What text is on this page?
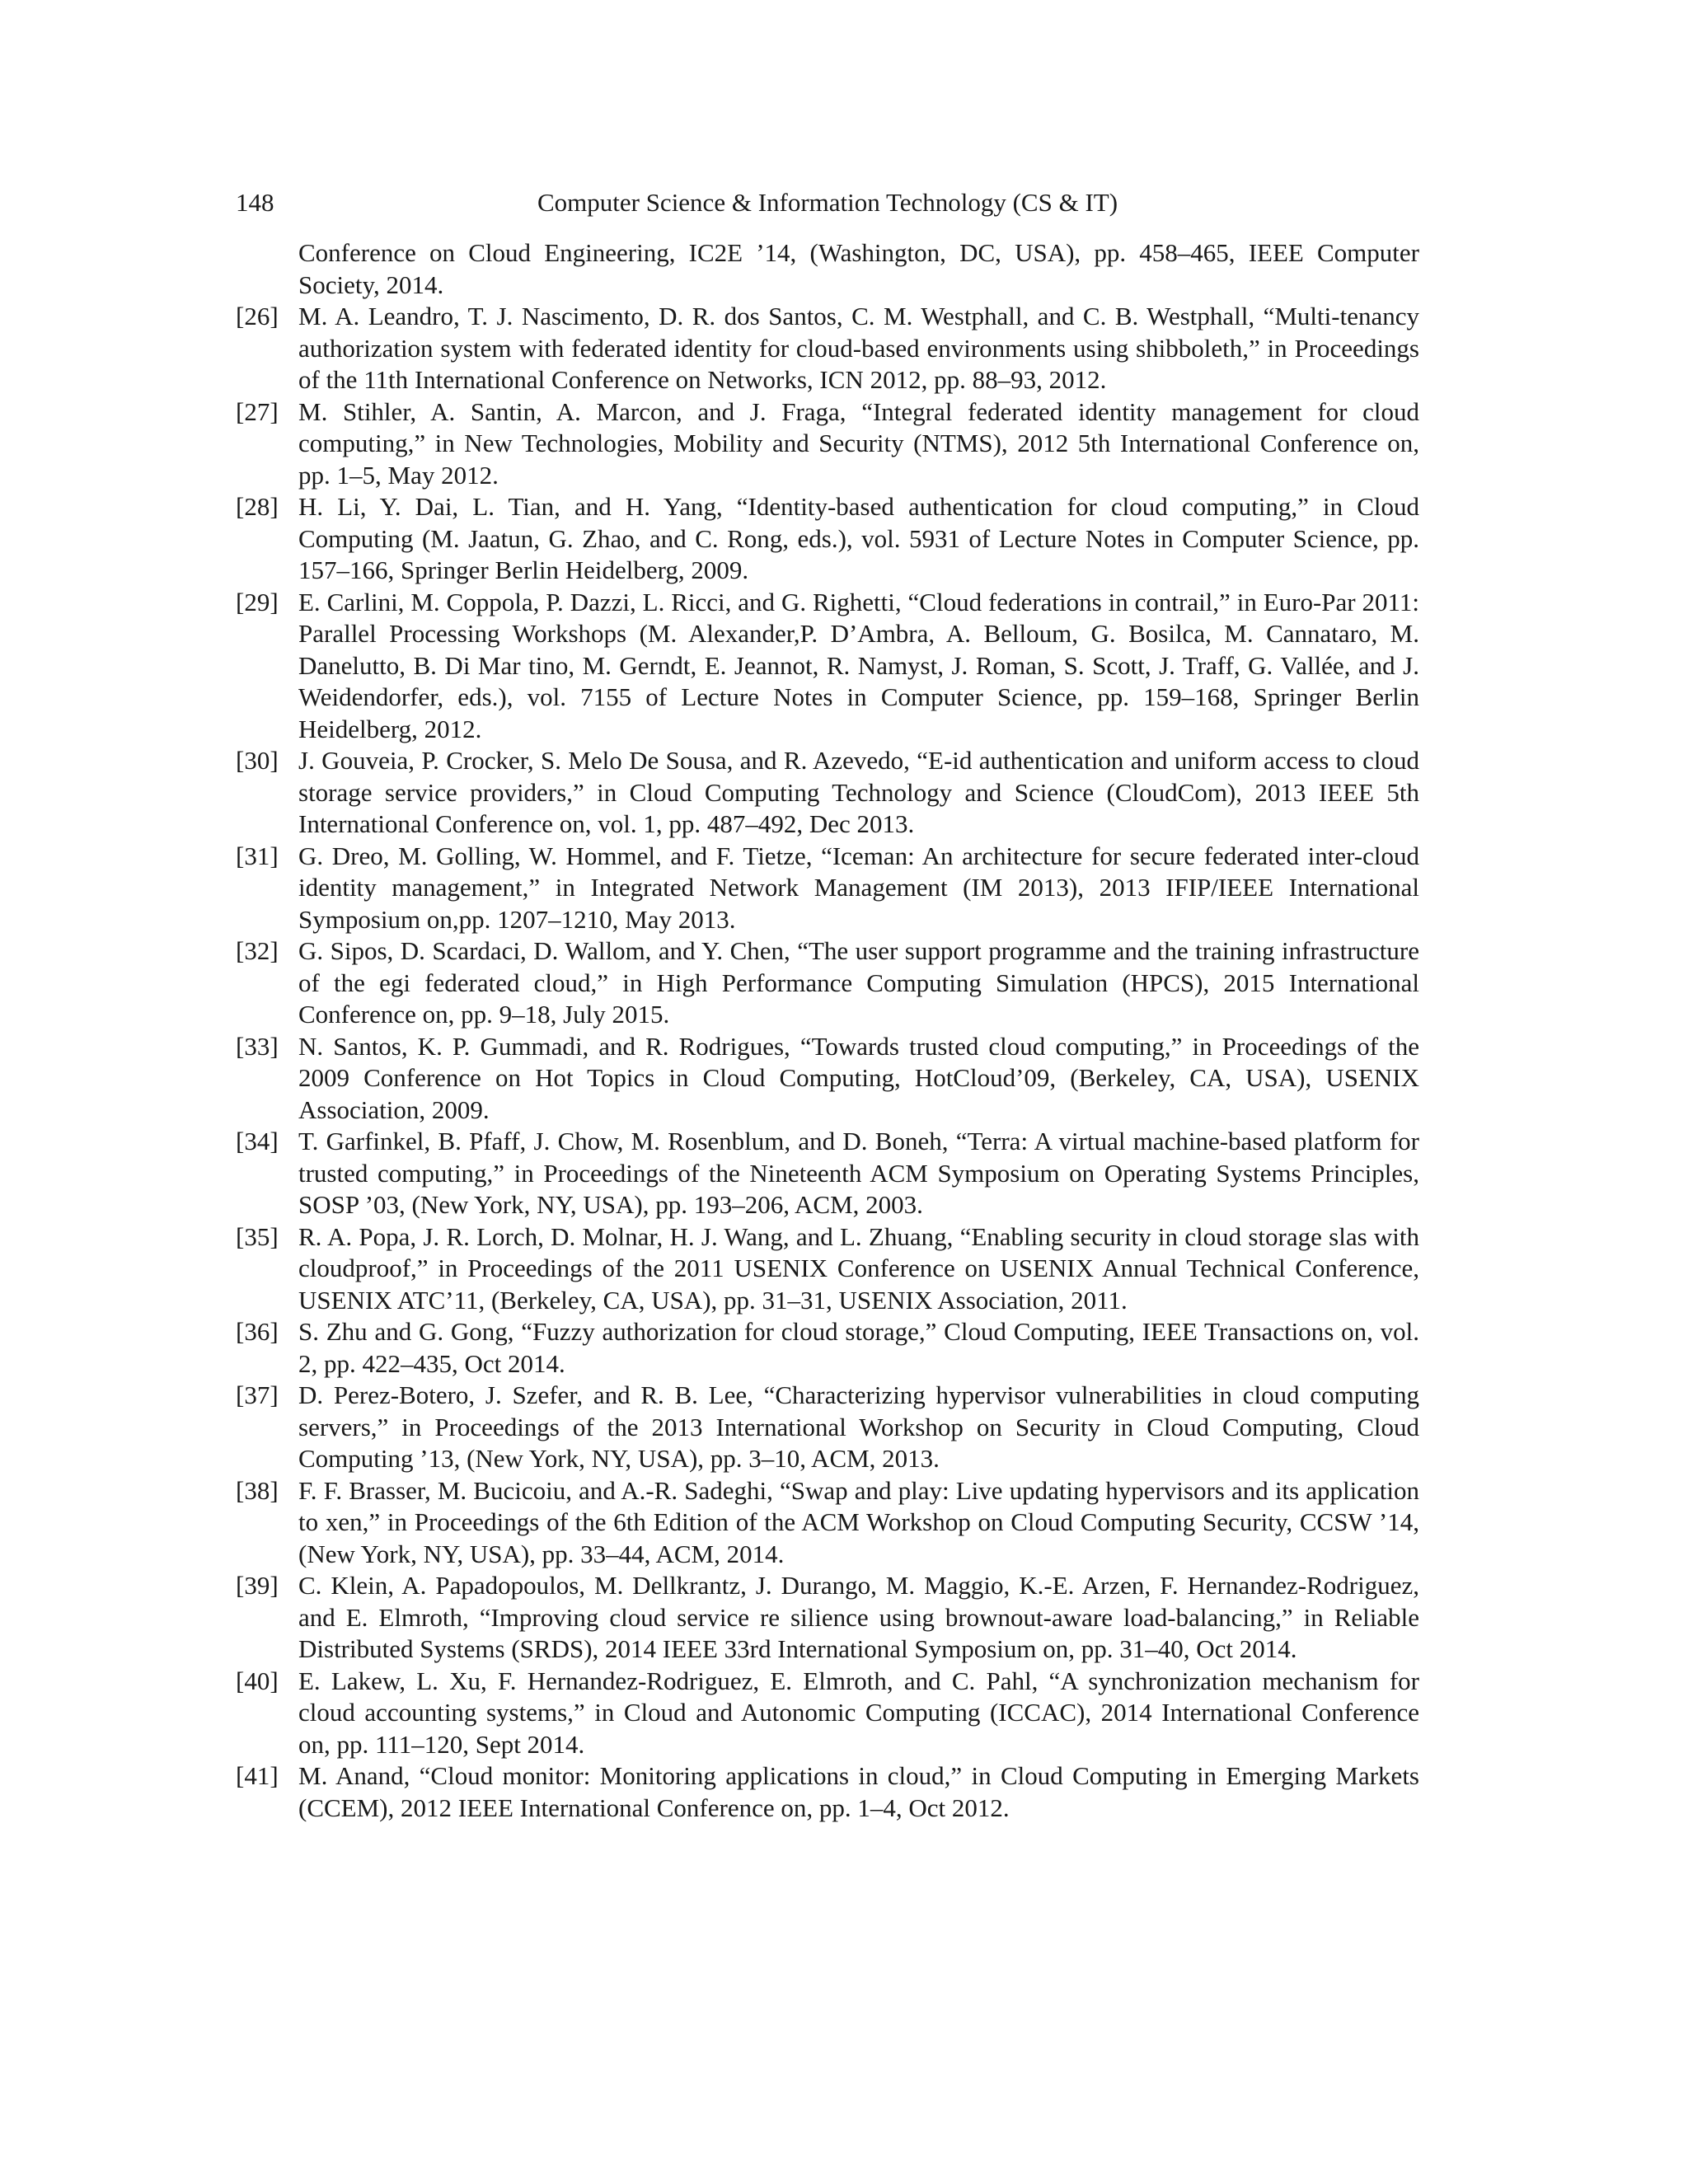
148	Computer Science & Information Technology (CS & IT)
Conference on Cloud Engineering, IC2E ’14, (Washington, DC, USA), pp. 458–465, IEEE Computer Society, 2014.
[26] M. A. Leandro, T. J. Nascimento, D. R. dos Santos, C. M. Westphall, and C. B. Westphall, “Multi-tenancy authorization system with federated identity for cloud-based environments using shibboleth,” in Proceedings of the 11th International Conference on Networks, ICN 2012, pp. 88–93, 2012.
[27] M. Stihler, A. Santin, A. Marcon, and J. Fraga, “Integral federated identity management for cloud computing,” in New Technologies, Mobility and Security (NTMS), 2012 5th International Conference on, pp. 1–5, May 2012.
[28] H. Li, Y. Dai, L. Tian, and H. Yang, “Identity-based authentication for cloud computing,” in Cloud Computing (M. Jaatun, G. Zhao, and C. Rong, eds.), vol. 5931 of Lecture Notes in Computer Science, pp. 157–166, Springer Berlin Heidelberg, 2009.
[29] E. Carlini, M. Coppola, P. Dazzi, L. Ricci, and G. Righetti, “Cloud federations in contrail,” in Euro-Par 2011: Parallel Processing Workshops (M. Alexander,P. D’Ambra, A. Belloum, G. Bosilca, M. Cannataro, M. Danelutto, B. Di Mar tino, M. Gerndt, E. Jeannot, R. Namyst, J. Roman, S. Scott, J. Traff, G. Vallée, and J. Weidendorfer, eds.), vol. 7155 of Lecture Notes in Computer Science, pp. 159–168, Springer Berlin Heidelberg, 2012.
[30] J. Gouveia, P. Crocker, S. Melo De Sousa, and R. Azevedo, “E-id authentication and uniform access to cloud storage service providers,” in Cloud Computing Technology and Science (CloudCom), 2013 IEEE 5th International Conference on, vol. 1, pp. 487–492, Dec 2013.
[31] G. Dreo, M. Golling, W. Hommel, and F. Tietze, “Iceman: An architecture for secure federated inter-cloud identity management,” in Integrated Network Management (IM 2013), 2013 IFIP/IEEE International Symposium on,pp. 1207–1210, May 2013.
[32] G. Sipos, D. Scardaci, D. Wallom, and Y. Chen, “The user support programme and the training infrastructure of the egi federated cloud,” in High Performance Computing Simulation (HPCS), 2015 International Conference on, pp. 9–18, July 2015.
[33] N. Santos, K. P. Gummadi, and R. Rodrigues, “Towards trusted cloud computing,” in Proceedings of the 2009 Conference on Hot Topics in Cloud Computing, HotCloud’09, (Berkeley, CA, USA), USENIX Association, 2009.
[34] T. Garfinkel, B. Pfaff, J. Chow, M. Rosenblum, and D. Boneh, “Terra: A virtual machine-based platform for trusted computing,” in Proceedings of the Nineteenth ACM Symposium on Operating Systems Principles, SOSP ’03, (New York, NY, USA), pp. 193–206, ACM, 2003.
[35] R. A. Popa, J. R. Lorch, D. Molnar, H. J. Wang, and L. Zhuang, “Enabling security in cloud storage slas with cloudproof,” in Proceedings of the 2011 USENIX Conference on USENIX Annual Technical Conference, USENIX ATC’11, (Berkeley, CA, USA), pp. 31–31, USENIX Association, 2011.
[36] S. Zhu and G. Gong, “Fuzzy authorization for cloud storage,” Cloud Computing, IEEE Transactions on, vol. 2, pp. 422–435, Oct 2014.
[37] D. Perez-Botero, J. Szefer, and R. B. Lee, “Characterizing hypervisor vulnerabilities in cloud computing servers,” in Proceedings of the 2013 International Workshop on Security in Cloud Computing, Cloud Computing ’13, (New York, NY, USA), pp. 3–10, ACM, 2013.
[38] F. F. Brasser, M. Bucicoiu, and A.-R. Sadeghi, “Swap and play: Live updating hypervisors and its application to xen,” in Proceedings of the 6th Edition of the ACM Workshop on Cloud Computing Security, CCSW ’14, (New York, NY, USA), pp. 33–44, ACM, 2014.
[39] C. Klein, A. Papadopoulos, M. Dellkrantz, J. Durango, M. Maggio, K.-E. Arzen, F. Hernandez-Rodriguez, and E. Elmroth, “Improving cloud service re silience using brownout-aware load-balancing,” in Reliable Distributed Systems (SRDS), 2014 IEEE 33rd International Symposium on, pp. 31–40, Oct 2014.
[40] E. Lakew, L. Xu, F. Hernandez-Rodriguez, E. Elmroth, and C. Pahl, “A synchronization mechanism for cloud accounting systems,” in Cloud and Autonomic Computing (ICCAC), 2014 International Conference on, pp. 111–120, Sept 2014.
[41] M. Anand, “Cloud monitor: Monitoring applications in cloud,” in Cloud Computing in Emerging Markets (CCEM), 2012 IEEE International Conference on, pp. 1–4, Oct 2012.
